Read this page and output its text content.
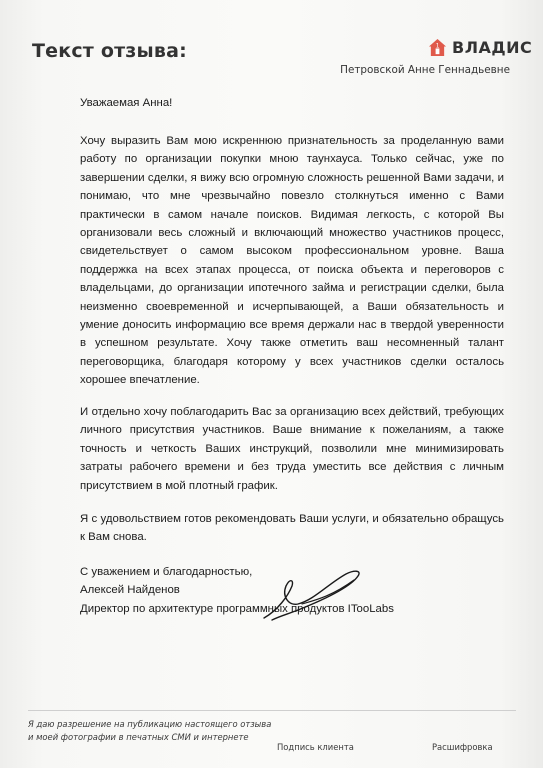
Текст отзыва:	1 ВЛАДИС
Петровской Анне Геннадьевне

Уважаемая Анна!

Хочу выразить Вам мою искреннюю признательность за проделанную вами работу по организации покупки мною таунхауса. Только сейчас, уже по завершении сделки, я вижу всю огромную сложность решенной Вами задачи, и понимаю, что мне чрезвычайно повезло столкнуться именно с Вами практически в самом начале поисков. Видимая легкость, с которой Вы организовали весь сложный и включающий множество участников процесс, свидетельствует о самом высоком профессиональном уровне. Ваша поддержка на всех этапах процесса, от поиска объекта и переговоров с владельцами, до организации ипотечного займа и регистрации сделки, была неизменно своевременной и исчерпывающей, а Ваши обязательность и умение доносить информацию все время держали нас в твердой уверенности в успешном результате. Хочу также отметить ваш несомненный талант переговорщика, благодаря которому у всех участников сделки осталось хорошее впечатление.

И отдельно хочу поблагодарить Вас за организацию всех действий, требующих личного присутствия участников. Ваше внимание к пожеланиям, а также точность и четкость Ваших инструкций, позволили мне минимизировать затраты рабочего времени и без труда уместить все действия с личным присутствием в мой плотный график.

Я с удовольствием готов рекомендовать Ваши услуги, и обязательно обращусь к Вам снова.

С уважением и благодарностью,
Алексей Найденов
Директор по архитектуре программных продуктов ITooLabs
Я даю разрешение на публикацию настоящего отзыва
и моей фотографии в печатных СМИ и интернете
Подпись клиента	Расшифровка
